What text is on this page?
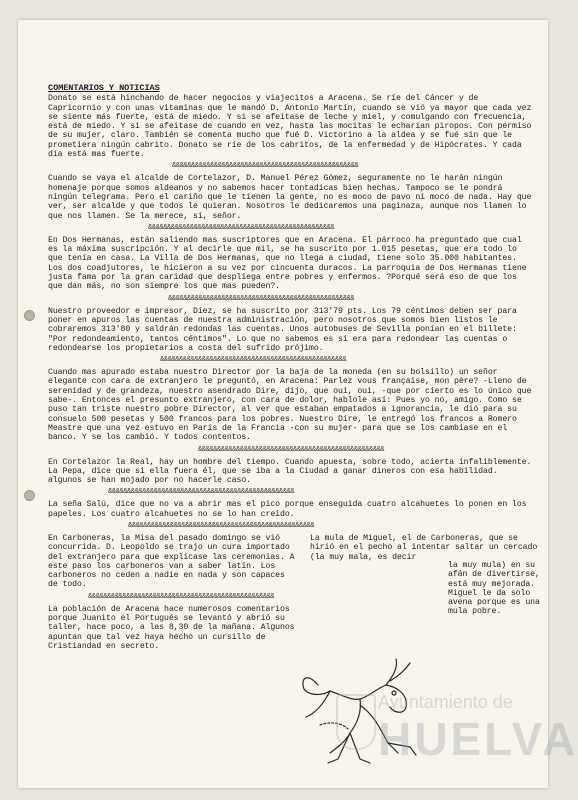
COMENTARIOS Y NOTICIAS

Donato se está hinchando de hacer negocios y viajecitos a Aracena. Se ríe del Cáncer y de Capricornio y con unas vitaminas que le mandó D. Antonio Martín, cuando se vió ya mayor que cada vez se siente más fuerte, está de miedo. Y si se afeitase de leche y miel, y comulgando con frecuencia, está de miedo. Y si se afeitase de cuando en vez, hasta las mocitas le echarían piropos. Con permiso de su mujer, claro. También se comenta mucho que fué D. Victorino a la aldea y se fué sin que le prometiera ningún cabrito. Donato se ríe de los cabritos, de la enfermedad y de Hipócrates. Y cada día está mas fuerte.

&&&&&&&&&&&&&&&&&&&&&&&&&&&&&&&&&&&&&&&&&&&&&&&&&

Cuando se vaya el alcalde de Cortelazor, D. Manuel Pérez Gómez, seguramente no le harán ningún homenaje porque somos aldeanos y no sabemos hacer tontadicas bien hechas. Tampoco se le pondrá ningún telegrama. Pero el cariño que le tienen la gente, no es moco de pavo ni moco de nada. Hay que ver, ser alcalde y que todos le quieran. Nosotros le dedicaremos una paginaza, aunque nos llamen lo que nos llamen. Se la merece, sí, señor.

&&&&&&&&&&&&&&&&&&&&&&&&&&&&&&&&&&&&&&&&&&&&&&&&&

En Dos Hermanas, están saliendo mas suscriptores que en Aracena. El párroco ha preguntado que cual es la máxima suscripción. Y al decirle que mil, se ha suscrito por 1.015 pesetas, que era todo lo que tenía en casa. La Villa de Dos Hermanas, que no llega a ciudad, tiene solo 35.000 habitantes. Los dos coadjutores, le hicieron a su vez por cincuenta duracos. La parroquia de Dos Hermanas tiene justa fama por la gran caridad que despliega entre pobres y enfermos. ?Porqué será eso de que los que dan más, no son siempre los que mas pueden?.

&&&&&&&&&&&&&&&&&&&&&&&&&&&&&&&&&&&&&&&&&&&&&&&&&

Nuestro proveedor e impresor, Díez, se ha suscrito por 313'79 pts. Los 79 céntimos deben ser para poner en apuros las cuentas de nuestra administración, pero nosotros que somos bien listos le cobraremos 313'80 y saldrán redondas las cuentas. Unos autobuses de Sevilla ponían en el billete: "Por redondeamiento, tantos céntimos". Lo que no sabemos es si era para redondear las cuentas o redondearse los propietarios a costa del sufrido prójimo.

&&&&&&&&&&&&&&&&&&&&&&&&&&&&&&&&&&&&&&&&&&&&&&&&&

Cuando mas apurado estaba nuestro Director por la baja de la moneda (en su bolsillo) un señor elegante con cara de extranjero le preguntó, en Aracena: Parlez vous française, mon père? -Lleno de serenidad y de grandeza, nuestro asendrado Dire, dijo, que oui, oui, -que por cierto es lo único que sabe-. Entonces el presunto extranjero, con cara de dolor, hablole así: Pues yo no, amigo. Como se puso tan triste nuestro pobre Director, al ver que estaban empatados a ignorancia, le dió para su consuelo 500 pesetas y 500 francos para los pobres. Nuestro Dire, le entregó los francos a Romero Meastre que una vez estuvo en París de la Francia -con su mujer- para que se los cambiase en el banco. Y se los cambió. Y todos contentos.

&&&&&&&&&&&&&&&&&&&&&&&&&&&&&&&&&&&&&&&&&&&&&&&&&

En Cortelazor la Real, hay un hombre del tiempo. Cuando apuesta, sobre todo, acierta infaliblemente. La Pepa, dice que si ella fuera él, que se iba a la Ciudad a ganar dineros con esa habilidad. algunos se han mojado por no hacerle caso.

&&&&&&&&&&&&&&&&&&&&&&&&&&&&&&&&&&&&&&&&&&&&&&&&&

La seña Salú, dice que no va a abrir mas el pico porque enseguida cuatro alcahuetes lo ponen en los papeles. Los cuatro alcahuetes no se lo han creido.

&&&&&&&&&&&&&&&&&&&&&&&&&&&&&&&&&&&&&&&&&&&&&&&&&

En Carboneras, la Misa del pasado domingo se vió concurrida. D. Leopoldo se trajo un cura importado del extranjero para que explicase las ceremonias. A este paso los carboneros van a saber latín. Los carboneros no ceden a nadie en nada y son capaces de todo.

&&&&&&&&&&&&&&&&&&&&&&&&&&&&&&&&&&&&&&&&&&&&&&&&&

La población de Aracena hace numerosos comentarios porque Juanito el Portugués se levantó y abrió su taller, hace poco, a las 8,30 de la mañana. Algunos apuntan que tal vez haya hecho un cursillo de Cristiandad en secreto.

La mula de Miguel, el de Carboneras, que se hirió en el pecho al intentar saltar un cercado (la muy mala, es decir

la muy mula) en su afán de divertirse, está muy mejorada. Miguel le da solo avena porque es una mula pobre.

Ayuntamiento de
HUELVA
